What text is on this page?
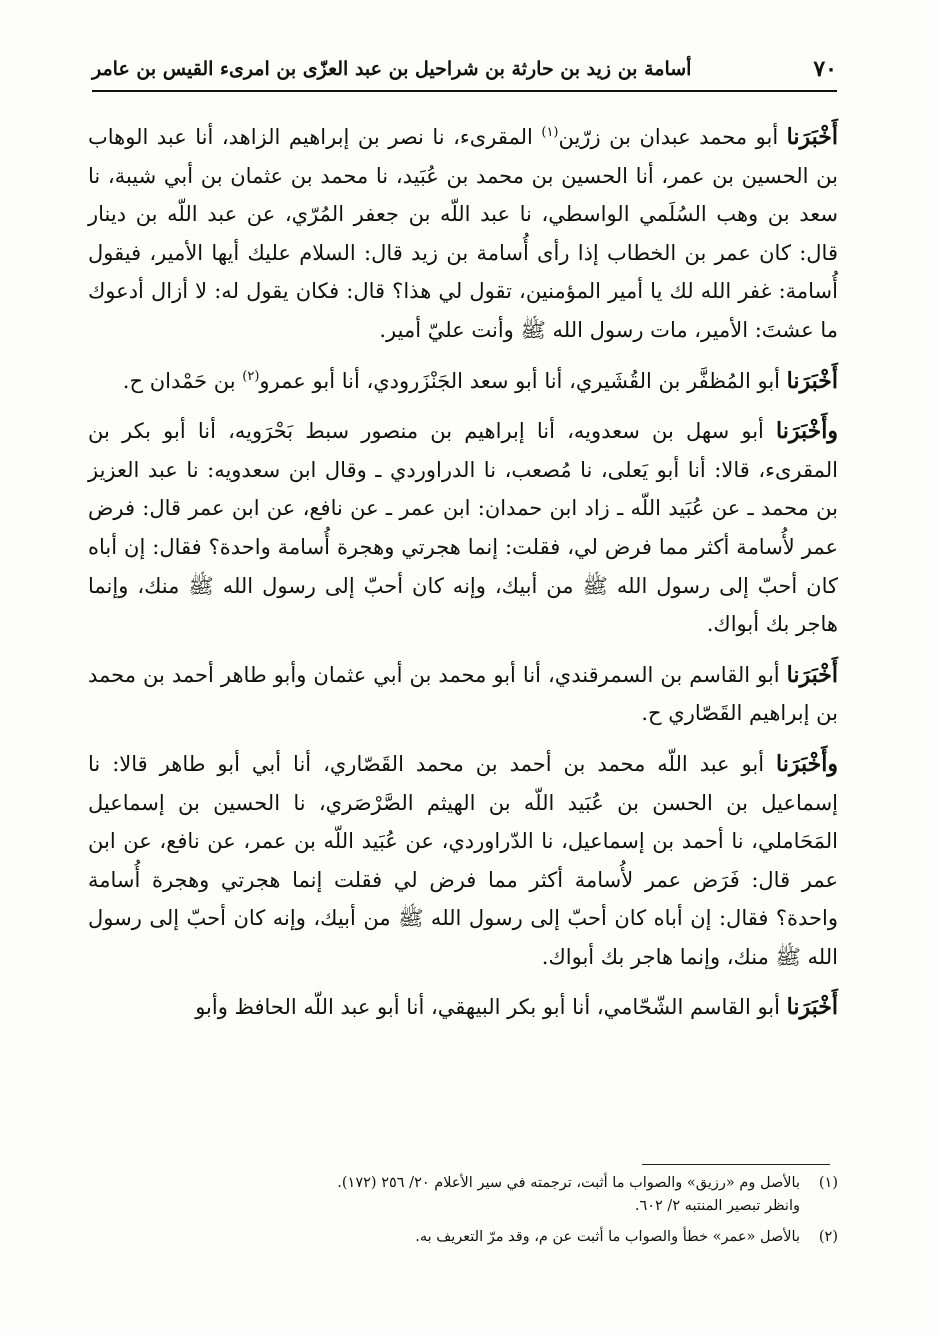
٧٠
أسامة بن زيد بن حارثة بن شراحيل بن عبد العزّى بن امرىء القيس بن عامر

أَخْبَرَنا أبو محمد عبدان بن زرّين$^{(١)}$ المقرىء، نا نصر بن إبراهيم الزاهد، أنا عبد الوهاب بن الحسين بن عمر، أنا الحسين بن محمد بن عُبَيد، نا محمد بن عثمان بن أبي شيبة، نا سعد بن وهب السُلَمي الواسطي، نا عبد اللّه بن جعفر المُرّي، عن عبد اللّه بن دينار قال: كان عمر بن الخطاب إذا رأى أُسامة بن زيد قال: السلام عليك أيها الأمير، فيقول أُسامة: غفر الله لك يا أمير المؤمنين، تقول لي هذا؟ قال: فكان يقول له: لا أزال أدعوك ما عشتَ: الأمير، مات رسول الله ﷺ وأنت عليّ أمير.

أَخْبَرَنا أبو المُظفَّر بن القُشَيري، أنا أبو سعد الجَنْزَرودي، أنا أبو عمرو$^{(٢)}$ بن حَمْدان ح.

وأَخْبَرَنا أبو سهل بن سعدويه، أنا إبراهيم بن منصور سبط بَحْرَويه، أنا أبو بكر بن المقرىء، قالا: أنا أبو يَعلى، نا مُصعب، نا الدراوردي ـ وقال ابن سعدويه: نا عبد العزيز بن محمد ـ عن عُبَيد اللّه ـ زاد ابن حمدان: ابن عمر ـ عن نافع، عن ابن عمر قال: فرض عمر لأُسامة أكثر مما فرض لي، فقلت: إنما هجرتي وهجرة أُسامة واحدة؟ فقال: إن أباه كان أحبّ إلى رسول الله ﷺ من أبيك، وإنه كان أحبّ إلى رسول الله ﷺ منك، وإنما هاجر بك أبواك.

أَخْبَرَنا أبو القاسم بن السمرقندي، أنا أبو محمد بن أبي عثمان وأبو طاهر أحمد بن محمد بن إبراهيم القَصّاري ح.

وأَخْبَرَنا أبو عبد اللّه محمد بن أحمد بن محمد القَصّاري، أنا أبي أبو طاهر قالا: نا إسماعيل بن الحسن بن عُبَيد اللّه بن الهيثم الصَّرْصَري، نا الحسين بن إسماعيل المَحَاملي، نا أحمد بن إسماعيل، نا الدّراوردي، عن عُبَيد اللّه بن عمر، عن نافع، عن ابن عمر قال: فَرَض عمر لأُسامة أكثر مما فرض لي فقلت إنما هجرتي وهجرة أُسامة واحدة؟ فقال: إن أباه كان أحبّ إلى رسول الله ﷺ من أبيك، وإنه كان أحبّ إلى رسول الله ﷺ منك، وإنما هاجر بك أبواك.

أَخْبَرَنا أبو القاسم الشّحّامي، أنا أبو بكر البيهقي، أنا أبو عبد اللّه الحافظ وأبو

(١)بالأصل وم «رزيق» والصواب ما أثبت، ترجمته في سير الأعلام ٢٠/ ٢٥٦ (١٧٢).
وانظر تبصير المنتبه ٢/ ٦٠٢.

(٢)بالأصل «عمر» خطأ والصواب ما أثبت عن م، وقد مرّ التعريف به.
